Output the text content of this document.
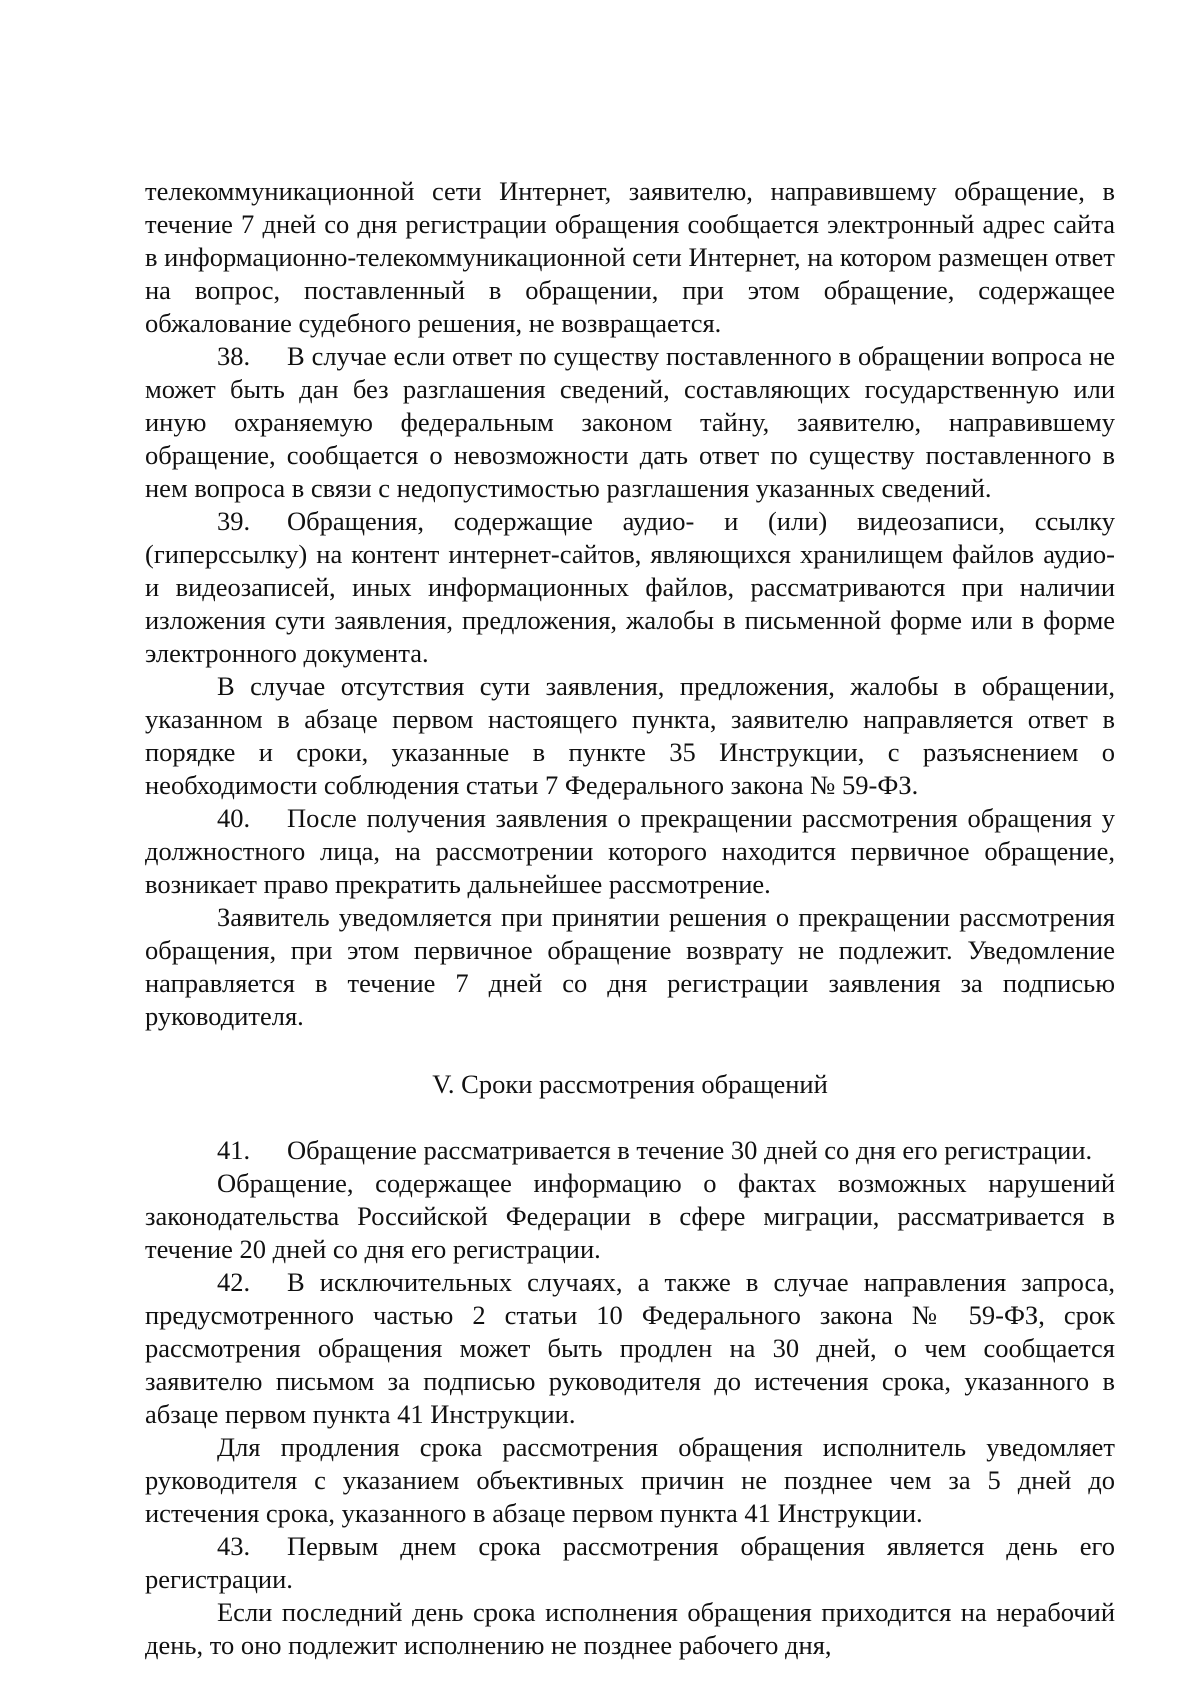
телекоммуникационной сети Интернет, заявителю, направившему обращение, в течение 7 дней со дня регистрации обращения сообщается электронный адрес сайта в информационно-телекоммуникационной сети Интернет, на котором размещен ответ на вопрос, поставленный в обращении, при этом обращение, содержащее обжалование судебного решения, не возвращается.

38. В случае если ответ по существу поставленного в обращении вопроса не может быть дан без разглашения сведений, составляющих государственную или иную охраняемую федеральным законом тайну, заявителю, направившему обращение, сообщается о невозможности дать ответ по существу поставленного в нем вопроса в связи с недопустимостью разглашения указанных сведений.

39. Обращения, содержащие аудио- и (или) видеозаписи, ссылку (гиперссылку) на контент интернет-сайтов, являющихся хранилищем файлов аудио- и видеозаписей, иных информационных файлов, рассматриваются при наличии изложения сути заявления, предложения, жалобы в письменной форме или в форме электронного документа.

В случае отсутствия сути заявления, предложения, жалобы в обращении, указанном в абзаце первом настоящего пункта, заявителю направляется ответ в порядке и сроки, указанные в пункте 35 Инструкции, с разъяснением о необходимости соблюдения статьи 7 Федерального закона № 59-ФЗ.

40. После получения заявления о прекращении рассмотрения обращения у должностного лица, на рассмотрении которого находится первичное обращение, возникает право прекратить дальнейшее рассмотрение.

Заявитель уведомляется при принятии решения о прекращении рассмотрения обращения, при этом первичное обращение возврату не подлежит. Уведомление направляется в течение 7 дней со дня регистрации заявления за подписью руководителя.

V. Сроки рассмотрения обращений

41. Обращение рассматривается в течение 30 дней со дня его регистрации.

Обращение, содержащее информацию о фактах возможных нарушений законодательства Российской Федерации в сфере миграции, рассматривается в течение 20 дней со дня его регистрации.

42. В исключительных случаях, а также в случае направления запроса, предусмотренного частью 2 статьи 10 Федерального закона № 59-ФЗ, срок рассмотрения обращения может быть продлен на 30 дней, о чем сообщается заявителю письмом за подписью руководителя до истечения срока, указанного в абзаце первом пункта 41 Инструкции.

Для продления срока рассмотрения обращения исполнитель уведомляет руководителя с указанием объективных причин не позднее чем за 5 дней до истечения срока, указанного в абзаце первом пункта 41 Инструкции.

43. Первым днем срока рассмотрения обращения является день его регистрации.

Если последний день срока исполнения обращения приходится на нерабочий день, то оно подлежит исполнению не позднее рабочего дня,
